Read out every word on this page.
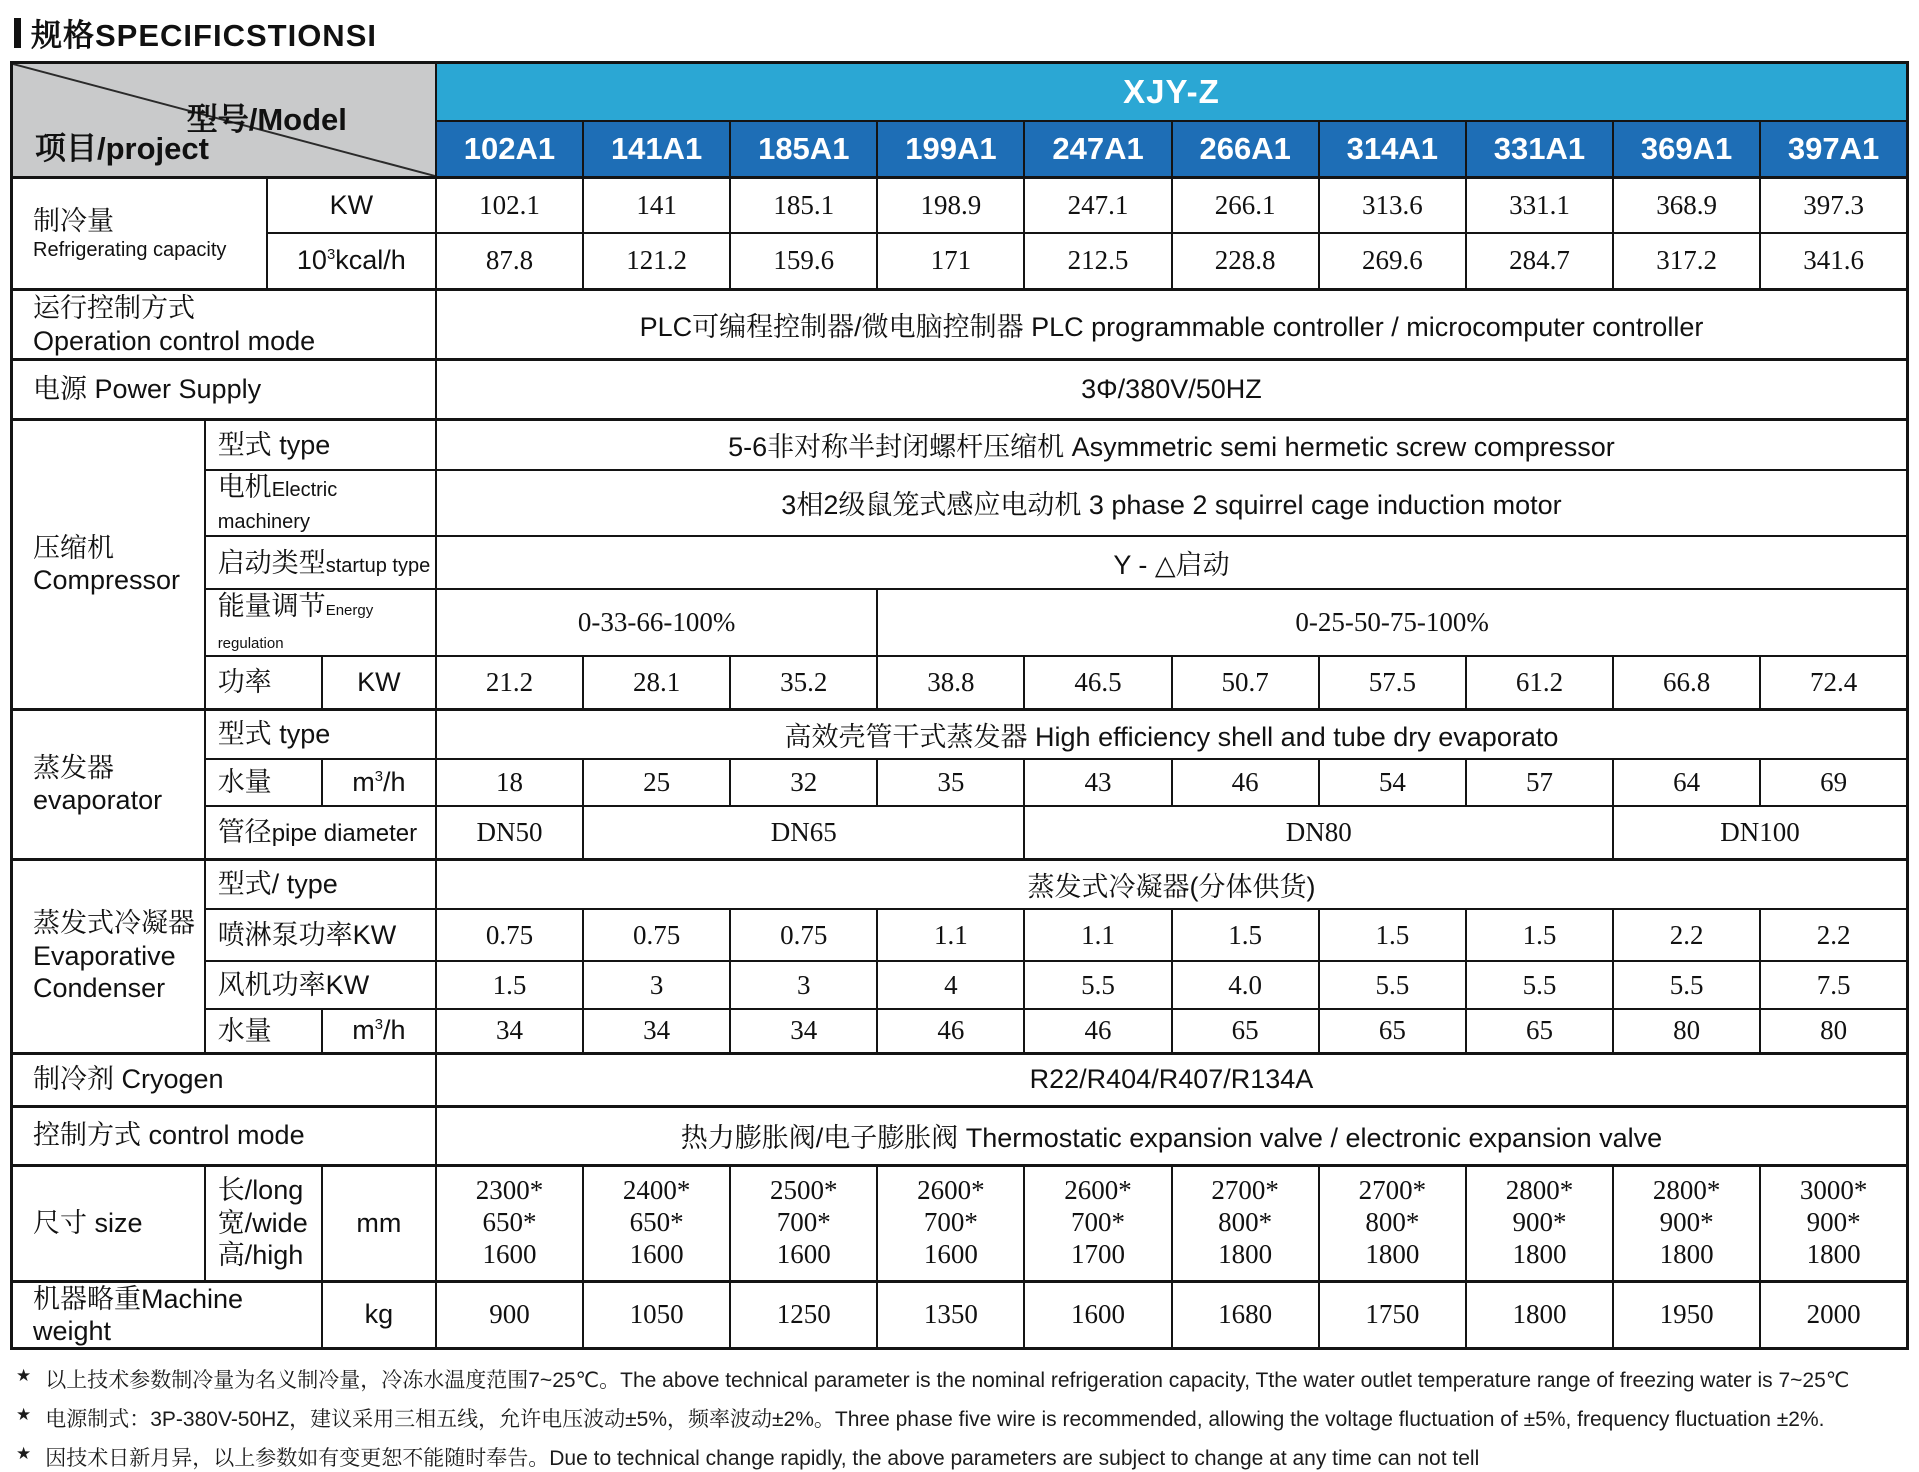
规格SPECIFICSTIONSI
型号/Model
项目/project				XJY-Z									
				102A1	141A1	185A1	199A1	247A1	266A1	314A1	331A1	369A1	397A1

制冷量
Refrigerating capacity		KW		102.1	141	185.1	198.9	247.1	266.1	313.6	331.1	368.9	397.3
		$10^3kcal/h$		87.8	121.2	159.6	171	212.5	228.8	269.6	284.7	317.2	341.6

运行控制方式
Operation control mode				PLC可编程控制器/微电脑控制器 PLC programmable controller / microcomputer controller									
电源 Power Supply				3Φ/380V/50HZ									

压缩机
Compressor	型式 type			5-6非对称半封闭螺杆压缩机 Asymmetric semi hermetic screw compressor									
	电机Electric machinery			3相2级鼠笼式感应电动机 3 phase 2 squirrel cage induction motor									
	启动类型startup type			Y - △启动									
	能量调节Energy regulation			0-33-66-100%			0-25-50-75-100%						
	功率		KW	21.2	28.1	35.2	38.8	46.5	50.7	57.5	61.2	66.8	72.4

蒸发器
evaporator	型式 type			高效壳管干式蒸发器 High efficiency shell and tube dry evaporato									
	水量		$m^3/h$	18	25	32	35	43	46	54	57	64	69
	管径pipe diameter			DN50	DN65			DN80				DN100	

蒸发式冷凝器
Evaporative
Condenser	型式/ type			蒸发式冷凝器(分体供货)									
	喷淋泵功率KW			0.75	0.75	0.75	1.1	1.1	1.5	1.5	1.5	2.2	2.2
	风机功率KW			1.5	3	3	4	5.5	4.0	5.5	5.5	5.5	7.5
	水量		$m^3/h$	34	34	34	46	46	65	65	65	80	80
制冷剂 Cryogen				R22/R404/R407/R134A									
控制方式 control mode				热力膨胀阀/电子膨胀阀 Thermostatic expansion valve / electronic expansion valve									
尺寸 size	长/long 宽/wide 高/high		mm	2300*
650*
1600	2400*
650*
1600	2500*
700*
1600	2600*
700*
1600	2600*
700*
1700	2700*
800*
1800	2700*
800*
1800	2800*
900*
1800	2800*
900*
1800	3000*
900*
1800

机器略重Machine weight			kg	900	1050	1250	1350	1600	1680	1750	1800	1950	2000
★ 以上技术参数制冷量为名义制冷量，冷冻水温度范围7~25℃。The above technical parameter is the nominal refrigeration capacity, Tthe water outlet temperature range of freezing water is 7~25℃
★ 电源制式：3P-380V-50HZ，建议采用三相五线，允许电压波动±5%，频率波动±2%。Three phase five wire is recommended, allowing the voltage fluctuation of ±5%, frequency fluctuation ±2%.
★ 因技术日新月异，以上参数如有变更恕不能随时奉告。Due to technical change rapidly, the above parameters are subject to change at any time can not tell
